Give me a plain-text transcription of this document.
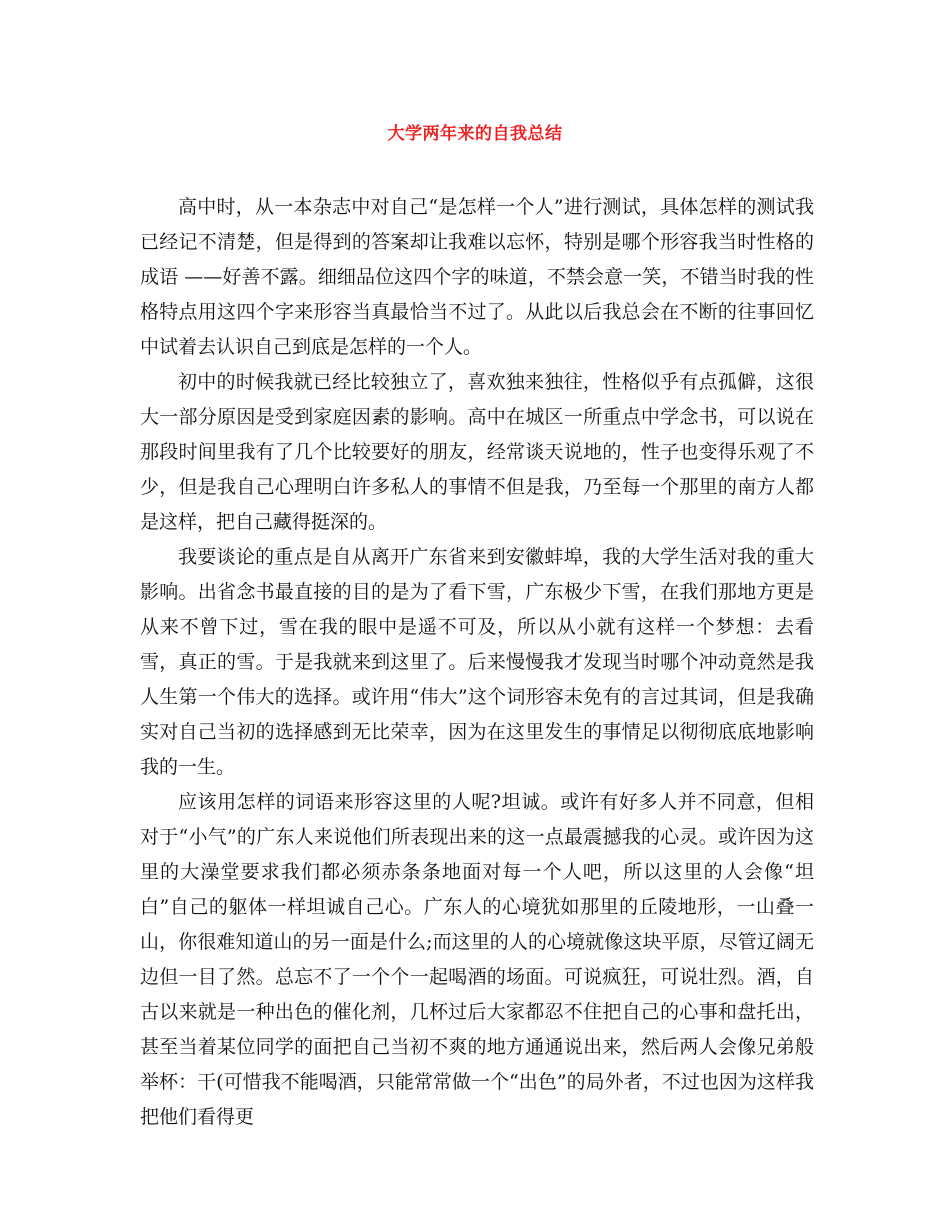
大学两年来的自我总结

高中时，从一本杂志中对自己“是怎样一个人”进行测试，具体怎样的测试我已经记不清楚，但是得到的答案却让我难以忘怀，特别是哪个形容我当时性格的成语 ——好善不露。细细品位这四个字的味道，不禁会意一笑，不错当时我的性格特点用这四个字来形容当真最恰当不过了。从此以后我总会在不断的往事回忆中试着去认识自己到底是怎样的一个人。

初中的时候我就已经比较独立了，喜欢独来独往，性格似乎有点孤僻，这很大一部分原因是受到家庭因素的影响。高中在城区一所重点中学念书，可以说在那段时间里我有了几个比较要好的朋友，经常谈天说地的，性子也变得乐观了不少，但是我自己心理明白许多私人的事情不但是我，乃至每一个那里的南方人都是这样，把自己藏得挺深的。

我要谈论的重点是自从离开广东省来到安徽蚌埠，我的大学生活对我的重大影响。出省念书最直接的目的是为了看下雪，广东极少下雪，在我们那地方更是从来不曾下过，雪在我的眼中是遥不可及，所以从小就有这样一个梦想：去看雪，真正的雪。于是我就来到这里了。后来慢慢我才发现当时哪个冲动竟然是我人生第一个伟大的选择。或许用“伟大”这个词形容未免有的言过其词，但是我确实对自己当初的选择感到无比荣幸，因为在这里发生的事情足以彻彻底底地影响我的一生。

应该用怎样的词语来形容这里的人呢?坦诚。或许有好多人并不同意，但相对于“小气”的广东人来说他们所表现出来的这一点最震撼我的心灵。或许因为这里的大澡堂要求我们都必须赤条条地面对每一个人吧，所以这里的人会像“坦白”自己的躯体一样坦诚自己心。广东人的心境犹如那里的丘陵地形，一山叠一山，你很难知道山的另一面是什么;而这里的人的心境就像这块平原，尽管辽阔无边但一目了然。总忘不了一个个一起喝酒的场面。可说疯狂，可说壮烈。酒，自古以来就是一种出色的催化剂，几杯过后大家都忍不住把自己的心事和盘托出，甚至当着某位同学的面把自己当初不爽的地方通通说出来，然后两人会像兄弟般举杯：干(可惜我不能喝酒，只能常常做一个“出色”的局外者，不过也因为这样我把他们看得更
